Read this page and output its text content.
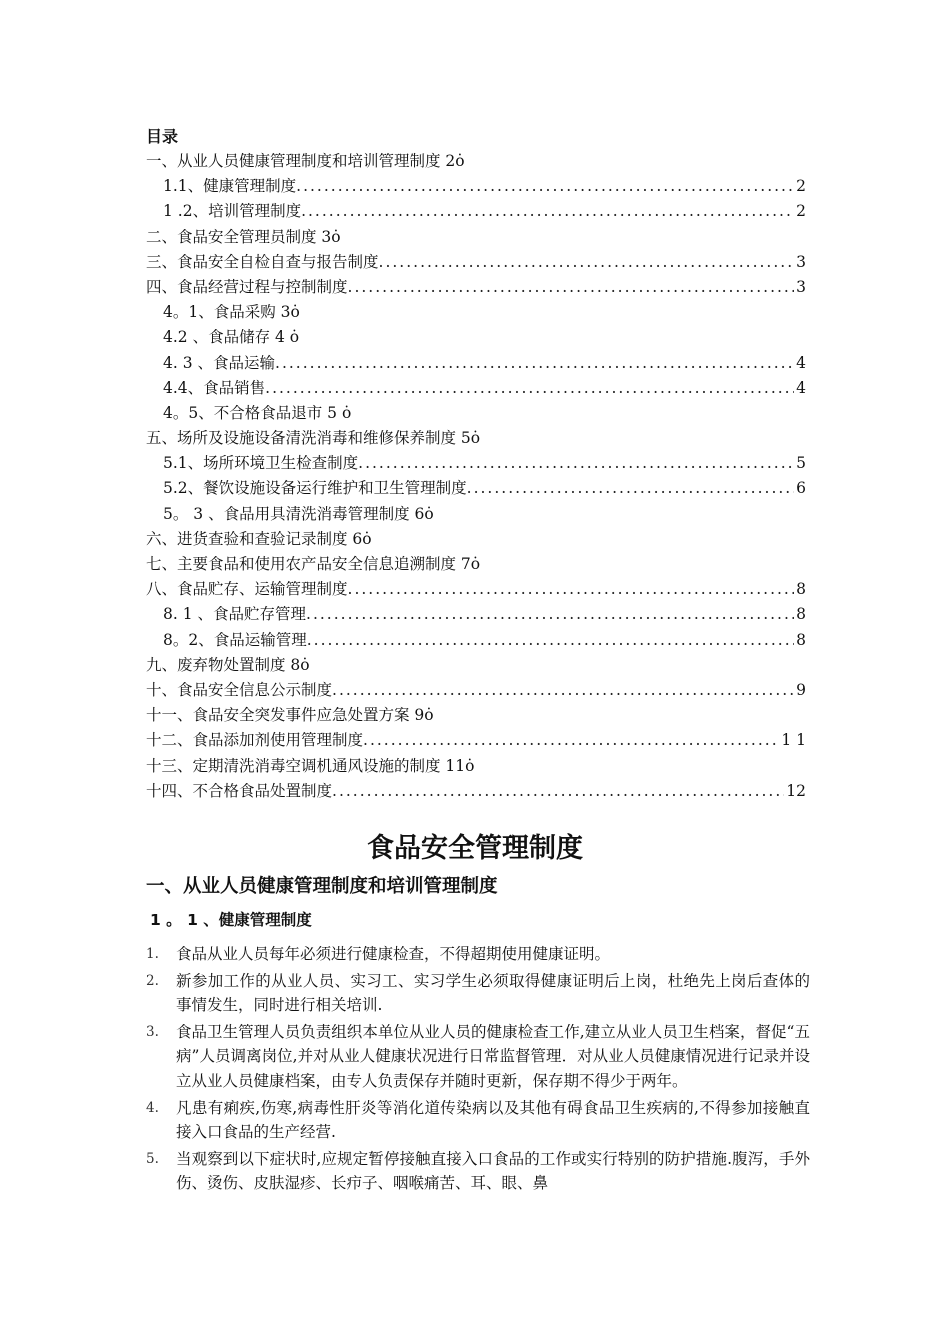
目录
一、从业人员健康管理制度和培训管理制度 2ȯ
1.1、健康管理制度 .....	2
1 .2、培训管理制度 .....	2
二、食品安全管理员制度 3ȯ
三、食品安全自检自查与报告制度 .....	3
四、食品经营过程与控制制度 .....	3
4。1、食品采购 3ȯ
4.2 、食品储存 4 ȯ
4. 3 、食品运输 .....	4
4.4、食品销售 .....	4
4。5、不合格食品退市 5 ȯ
五、场所及设施设备清洗消毒和维修保养制度 5ȯ
5.1、场所环境卫生检查制度 .....	5
5.2、餐饮设施设备运行维护和卫生管理制度 .....	6
5。 3 、食品用具清洗消毒管理制度 6ȯ
六、进货查验和查验记录制度 6ȯ
七、主要食品和使用农产品安全信息追溯制度 7ȯ
八、食品贮存、运输管理制度 .....	8
8. 1 、食品贮存管理 .....	8
8。2、食品运输管理 .....	8
九、废弃物处置制度 8ȯ
十、食品安全信息公示制度 .....	9
十一、食品安全突发事件应急处置方案 9ȯ
十二、食品添加剂使用管理制度 .....	1 1
十三、定期清洗消毒空调机通风设施的制度 11ȯ
十四、不合格食品处置制度 .....	12
食品安全管理制度
一、从业人员健康管理制度和培训管理制度
1 。 1 、健康管理制度
1. 食品从业人员每年必须进行健康检查，不得超期使用健康证明。
2. 新参加工作的从业人员、实习工、实习学生必须取得健康证明后上岗，杜绝先上岗后查体的事情发生，同时进行相关培训.
3. 食品卫生管理人员负责组织本单位从业人员的健康检查工作,建立从业人员卫生档案，督促“五病”人员调离岗位,并对从业人健康状况进行日常监督管理．对从业人员健康情况进行记录并设立从业人员健康档案，由专人负责保存并随时更新，保存期不得少于两年。
4. 凡患有痢疾,伤寒,病毒性肝炎等消化道传染病以及其他有碍食品卫生疾病的,不得参加接触直接入口食品的生产经营.
5. 当观察到以下症状时,应规定暂停接触直接入口食品的工作或实行特别的防护措施.腹泻，手外伤、烫伤、皮肤湿疹、长疖子、咽喉痛苦、耳、眼、鼻
